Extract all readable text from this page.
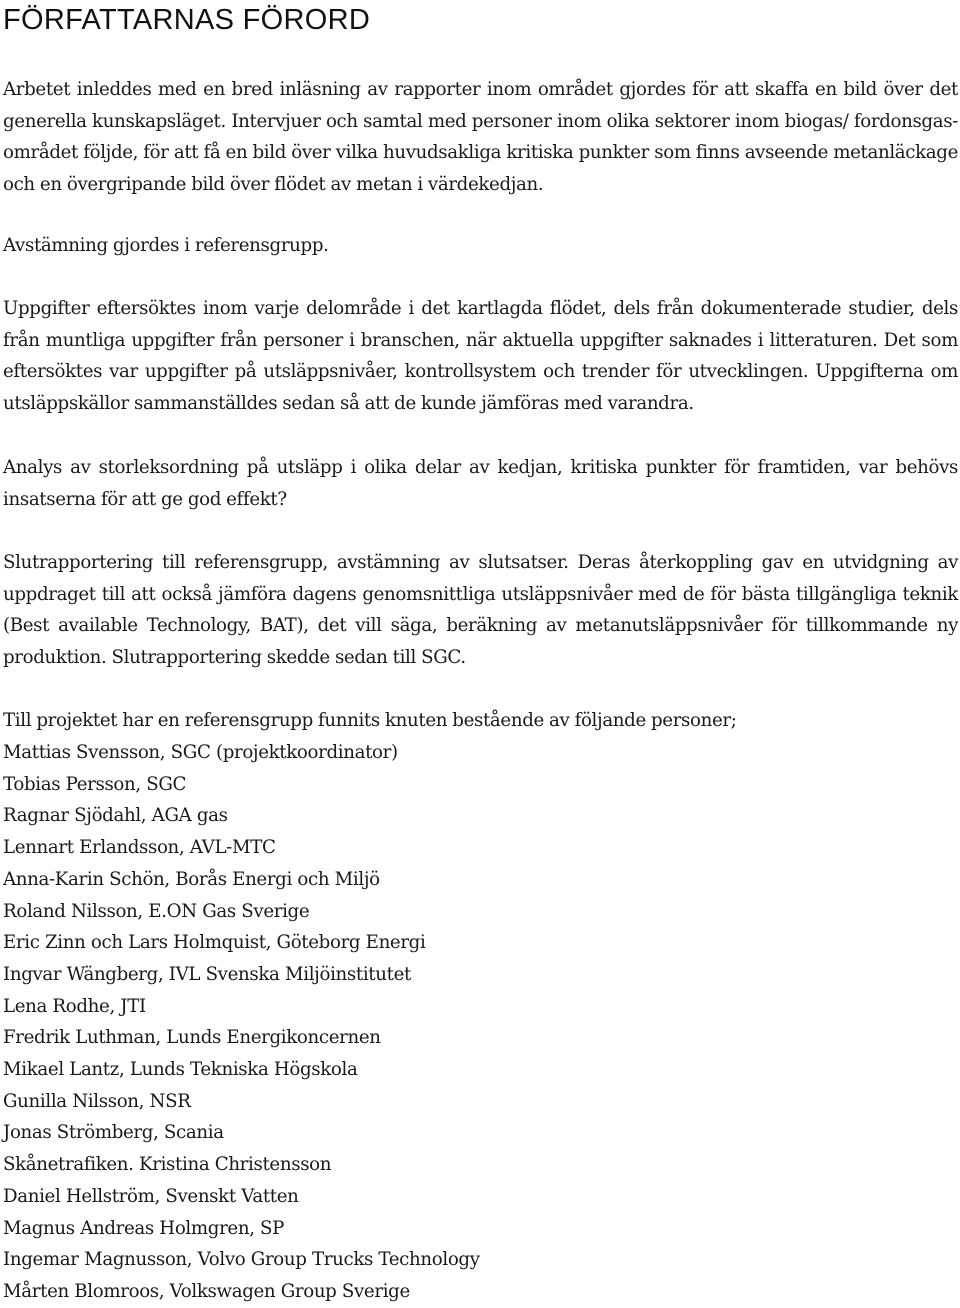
FÖRFATTARNAS FÖRORD

Arbetet inleddes med en bred inläsning av rapporter inom området gjordes för att skaffa en bild över det generella kunskapsläget. Intervjuer och samtal med personer inom olika sektorer inom biogas/ fordonsgas-området följde, för att få en bild över vilka huvudsakliga kritiska punkter som finns avseende metanläckage och en övergripande bild över flödet av metan i värdekedjan.

Avstämning gjordes i referensgrupp.

Uppgifter eftersöktes inom varje delområde i det kartlagda flödet, dels från dokumenterade studier, dels från muntliga uppgifter från personer i branschen, när aktuella uppgifter saknades i litteraturen. Det som eftersöktes var uppgifter på utsläppsnivåer, kontrollsystem och trender för utvecklingen. Uppgifterna om utsläppskällor sammanställdes sedan så att de kunde jämföras med varandra.

Analys av storleksordning på utsläpp i olika delar av kedjan, kritiska punkter för framtiden, var behövs insatserna för att ge god effekt?

Slutrapportering till referensgrupp, avstämning av slutsatser. Deras återkoppling gav en utvidgning av uppdraget till att också jämföra dagens genomsnittliga utsläppsnivåer med de för bästa tillgängliga teknik (Best available Technology, BAT), det vill säga, beräkning av metanutsläppsnivåer för tillkommande ny produktion. Slutrapportering skedde sedan till SGC.

Till projektet har en referensgrupp funnits knuten bestående av följande personer;

Mattias Svensson, SGC (projektkoordinator)
Tobias Persson, SGC
Ragnar Sjödahl, AGA gas
Lennart Erlandsson, AVL-MTC
Anna-Karin Schön, Borås Energi och Miljö
Roland Nilsson, E.ON Gas Sverige
Eric Zinn och Lars Holmquist, Göteborg Energi
Ingvar Wängberg, IVL Svenska Miljöinstitutet
Lena Rodhe, JTI
Fredrik Luthman, Lunds Energikoncernen
Mikael Lantz, Lunds Tekniska Högskola
Gunilla Nilsson, NSR
Jonas Strömberg, Scania
Skånetrafiken. Kristina Christensson
Daniel Hellström, Svenskt Vatten
Magnus Andreas Holmgren, SP
Ingemar Magnusson, Volvo Group Trucks Technology
Mårten Blomroos, Volkswagen Group Sverige
